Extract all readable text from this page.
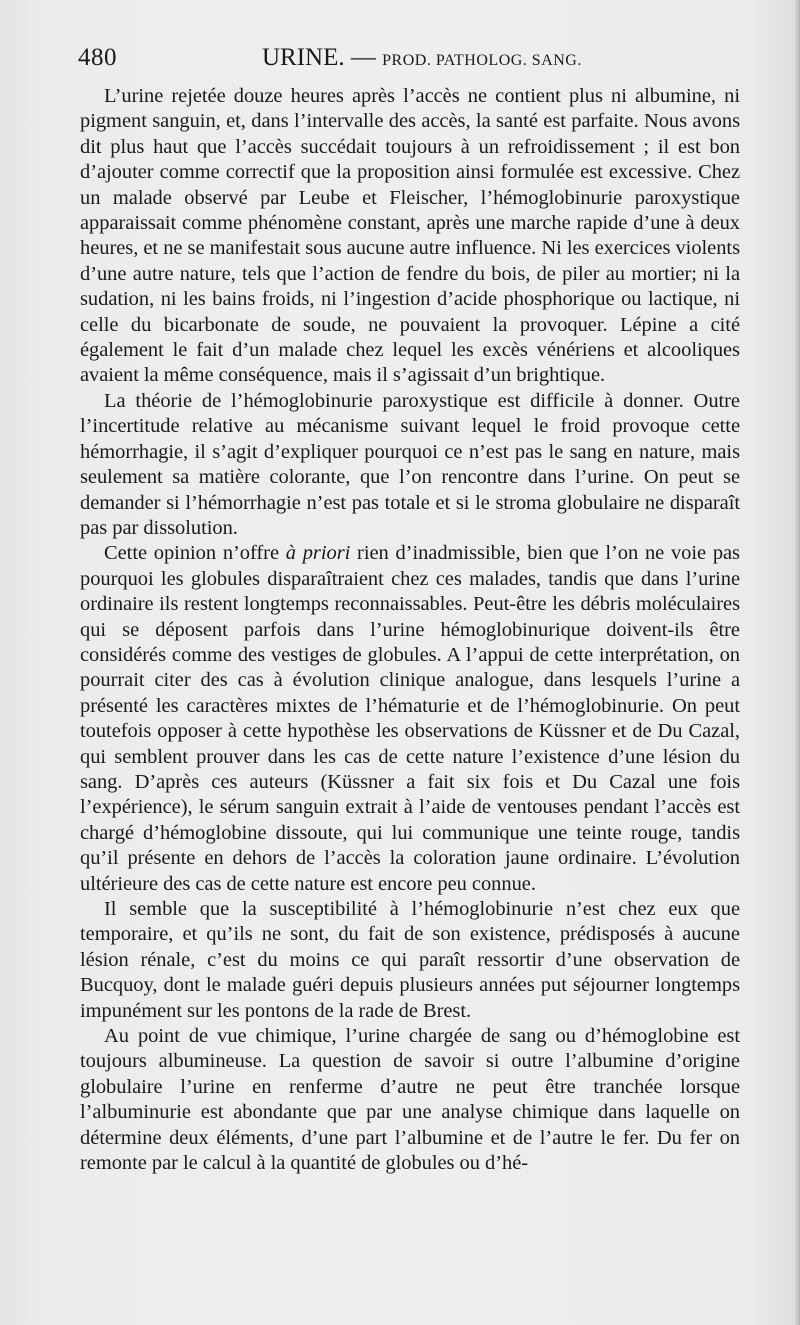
480	URINE. — PROD. PATHOLOG. SANG.

L’urine rejetée douze heures après l’accès ne contient plus ni albumine, ni pigment sanguin, et, dans l’intervalle des accès, la santé est parfaite. Nous avons dit plus haut que l’accès succédait toujours à un refroidissement ; il est bon d’ajouter comme correctif que la proposition ainsi formulée est excessive. Chez un malade observé par Leube et Fleischer, l’hémoglobinurie paroxystique apparaissait comme phénomène constant, après une marche rapide d’une à deux heures, et ne se manifestait sous aucune autre influence. Ni les exercices violents d’une autre nature, tels que l’action de fendre du bois, de piler au mortier; ni la sudation, ni les bains froids, ni l’ingestion d’acide phosphorique ou lactique, ni celle du bicarbonate de soude, ne pouvaient la provoquer. Lépine a cité également le fait d’un malade chez lequel les excès vénériens et alcooliques avaient la même conséquence, mais il s’agissait d’un brightique.

La théorie de l’hémoglobinurie paroxystique est difficile à donner. Outre l’incertitude relative au mécanisme suivant lequel le froid provoque cette hémorrhagie, il s’agit d’expliquer pourquoi ce n’est pas le sang en nature, mais seulement sa matière colorante, que l’on rencontre dans l’urine. On peut se demander si l’hémorrhagie n’est pas totale et si le stroma globulaire ne disparaît pas par dissolution.

Cette opinion n’offre à priori rien d’inadmissible, bien que l’on ne voie pas pourquoi les globules disparaîtraient chez ces malades, tandis que dans l’urine ordinaire ils restent longtemps reconnaissables. Peut-être les débris moléculaires qui se déposent parfois dans l’urine hémoglobinurique doivent-ils être considérés comme des vestiges de globules. A l’appui de cette interprétation, on pourrait citer des cas à évolution clinique analogue, dans lesquels l’urine a présenté les caractères mixtes de l’hématurie et de l’hémoglobinurie. On peut toutefois opposer à cette hypothèse les observations de Küssner et de Du Cazal, qui semblent prouver dans les cas de cette nature l’existence d’une lésion du sang. D’après ces auteurs (Küssner a fait six fois et Du Cazal une fois l’expérience), le sérum sanguin extrait à l’aide de ventouses pendant l’accès est chargé d’hémoglobine dissoute, qui lui communique une teinte rouge, tandis qu’il présente en dehors de l’accès la coloration jaune ordinaire. L’évolution ultérieure des cas de cette nature est encore peu connue.

Il semble que la susceptibilité à l’hémoglobinurie n’est chez eux que temporaire, et qu’ils ne sont, du fait de son existence, prédisposés à aucune lésion rénale, c’est du moins ce qui paraît ressortir d’une observation de Bucquoy, dont le malade guéri depuis plusieurs années put séjourner longtemps impunément sur les pontons de la rade de Brest.

Au point de vue chimique, l’urine chargée de sang ou d’hémoglobine est toujours albumineuse. La question de savoir si outre l’albumine d’origine globulaire l’urine en renferme d’autre ne peut être tranchée lorsque l’albuminurie est abondante que par une analyse chimique dans laquelle on détermine deux éléments, d’une part l’albumine et de l’autre le fer. Du fer on remonte par le calcul à la quantité de globules ou d’hé-
